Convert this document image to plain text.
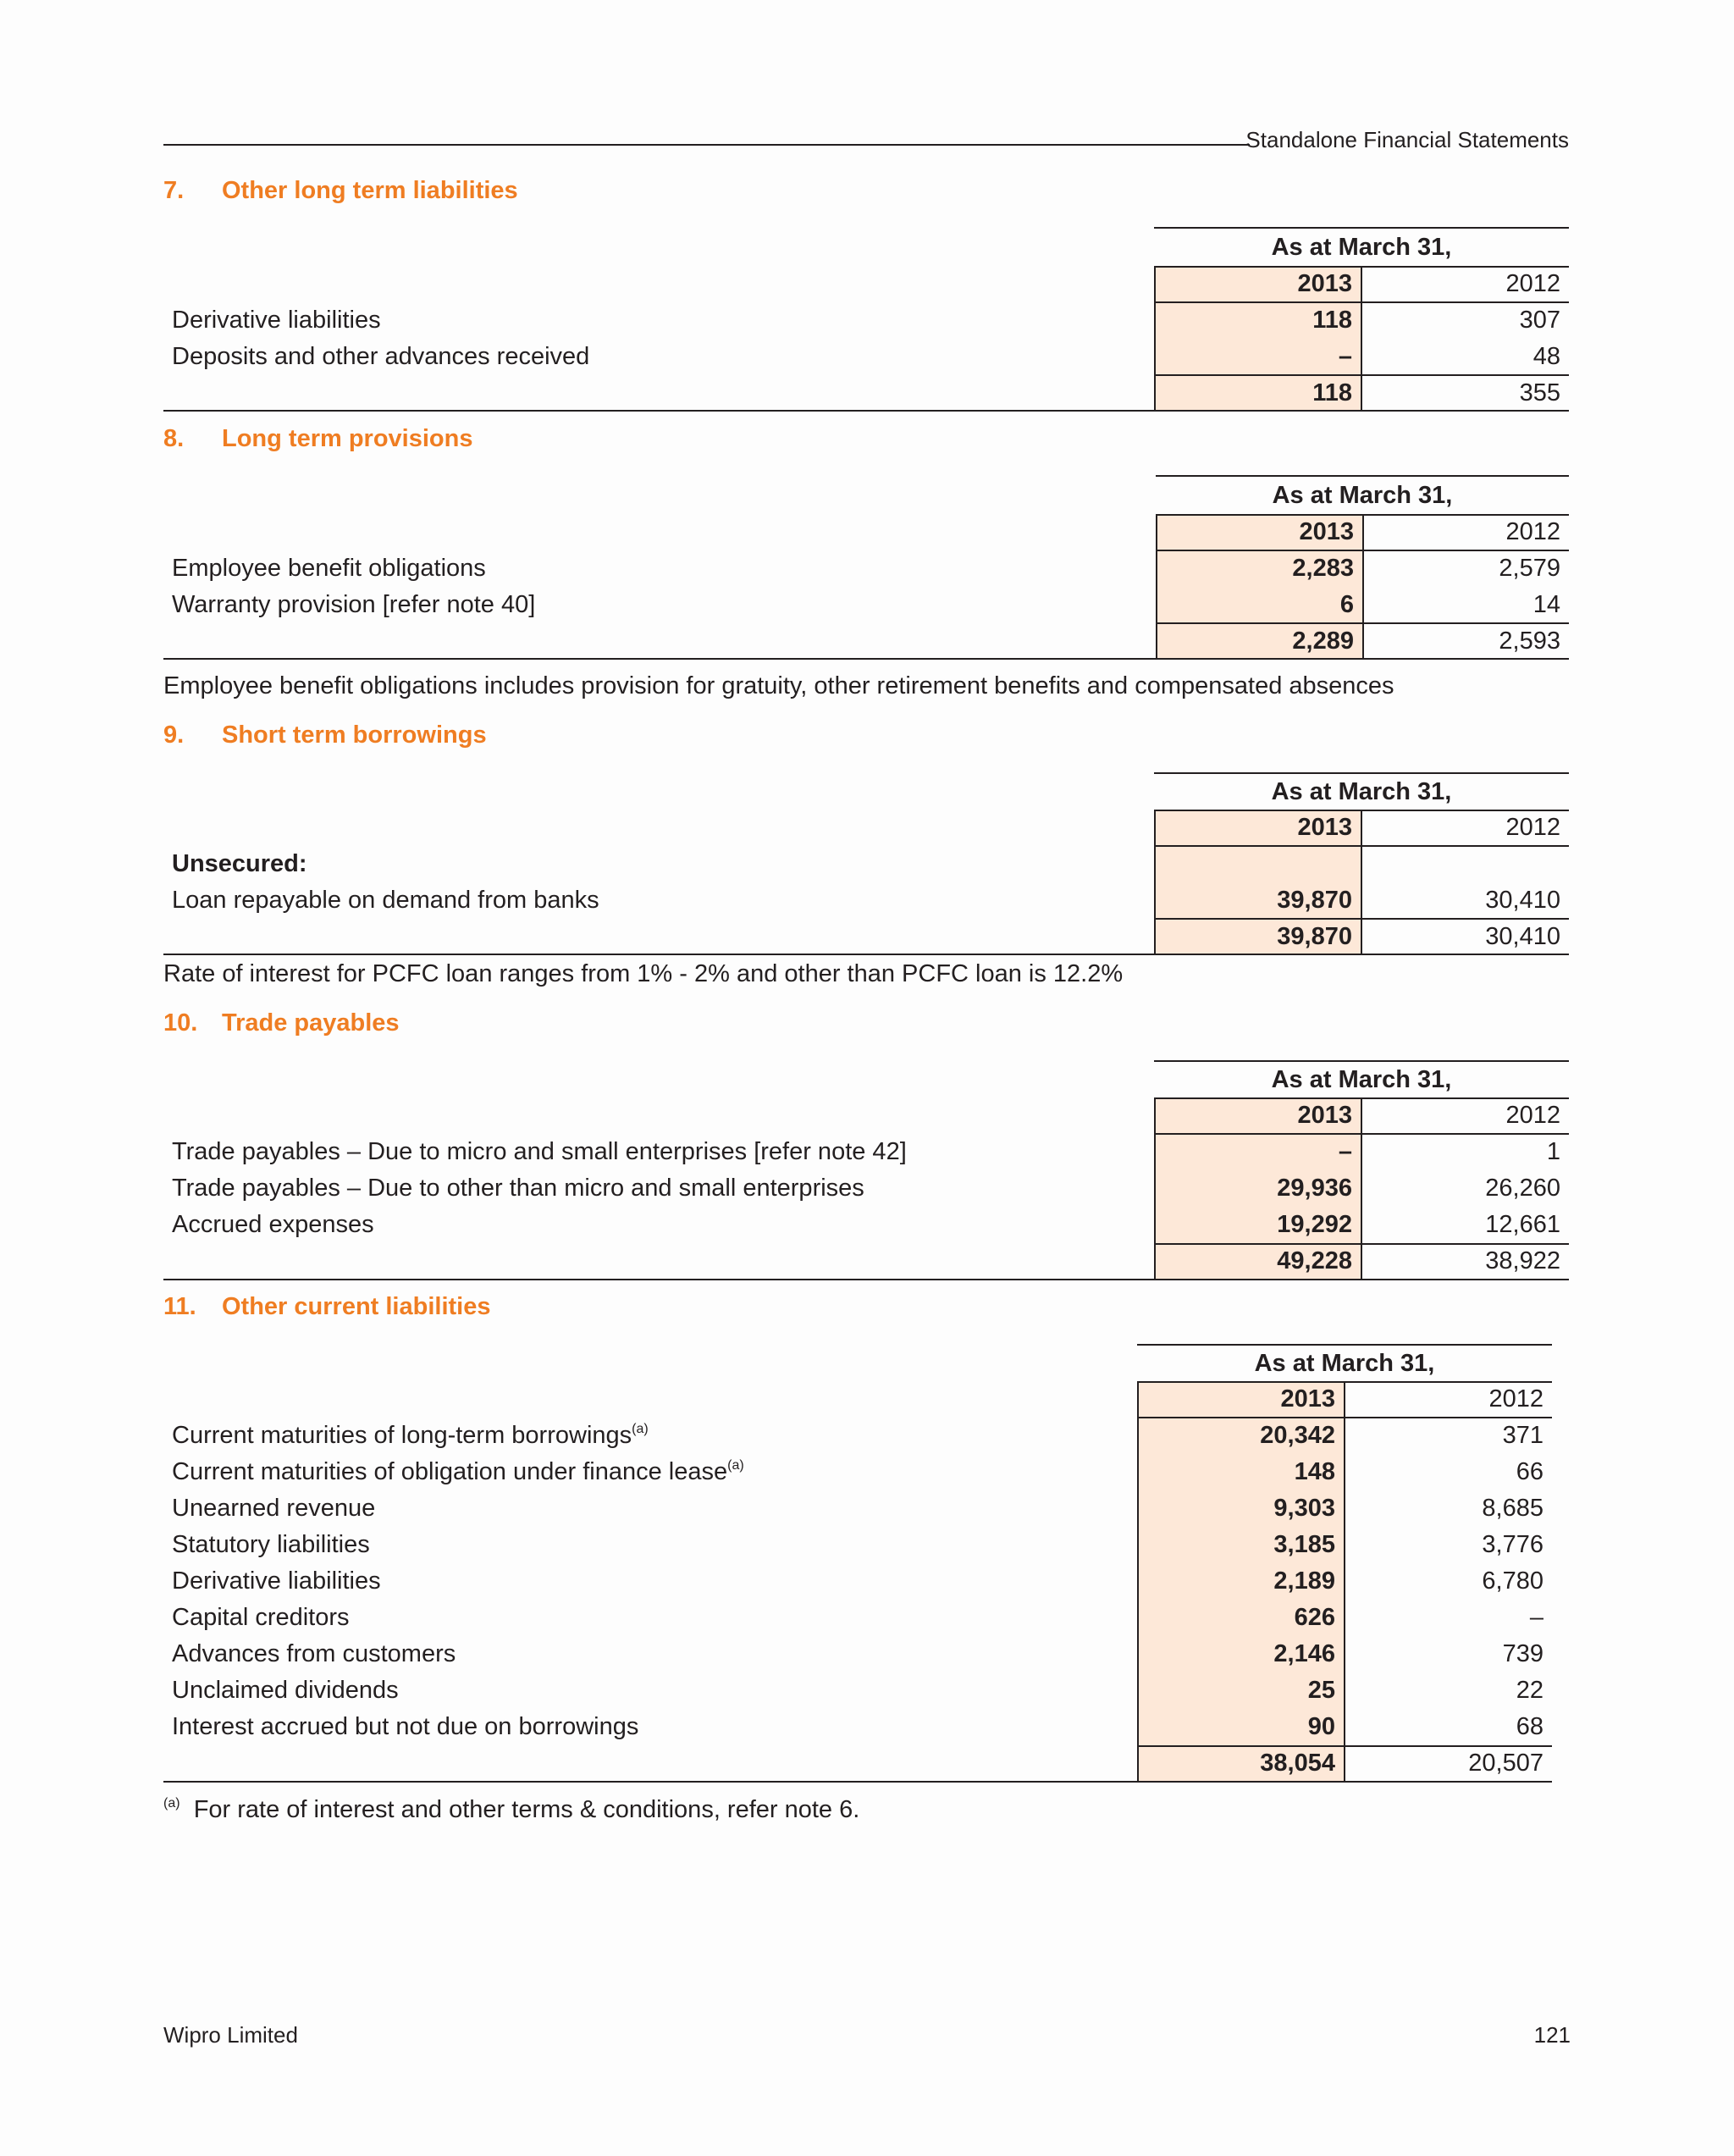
Standalone Financial Statements
7. Other long term liabilities
As at March 31,
2013	2012
Derivative liabilities	118	307
Deposits and other advances received	–	48
118	355
8. Long term provisions
As at March 31,
2013	2012
Employee benefit obligations	2,283	2,579
Warranty provision [refer note 40]	6	14
2,289	2,593
Employee benefit obligations includes provision for gratuity, other retirement benefits and compensated absences
9. Short term borrowings
As at March 31,
2013	2012
Unsecured:
Loan repayable on demand from banks	39,870	30,410
39,870	30,410
Rate of interest for PCFC loan ranges from 1% - 2% and other than PCFC loan is 12.2%
10. Trade payables
As at March 31,
2013	2012
Trade payables – Due to micro and small enterprises [refer note 42]	–	1
Trade payables – Due to other than micro and small enterprises	29,936	26,260
Accrued expenses	19,292	12,661
49,228	38,922
11. Other current liabilities
As at March 31,
2013	2012
Current maturities of long-term borrowings$^{(a)}$	20,342	371
Current maturities of obligation under finance lease$^{(a)}$	148	66
Unearned revenue	9,303	8,685
Statutory liabilities	3,185	3,776
Derivative liabilities	2,189	6,780
Capital creditors	626	–
Advances from customers	2,146	739
Unclaimed dividends	25	22
Interest accrued but not due on borrowings	90	68
38,054	20,507
$^{(a)}$ For rate of interest and other terms & conditions, refer note 6.
Wipro Limited	121
